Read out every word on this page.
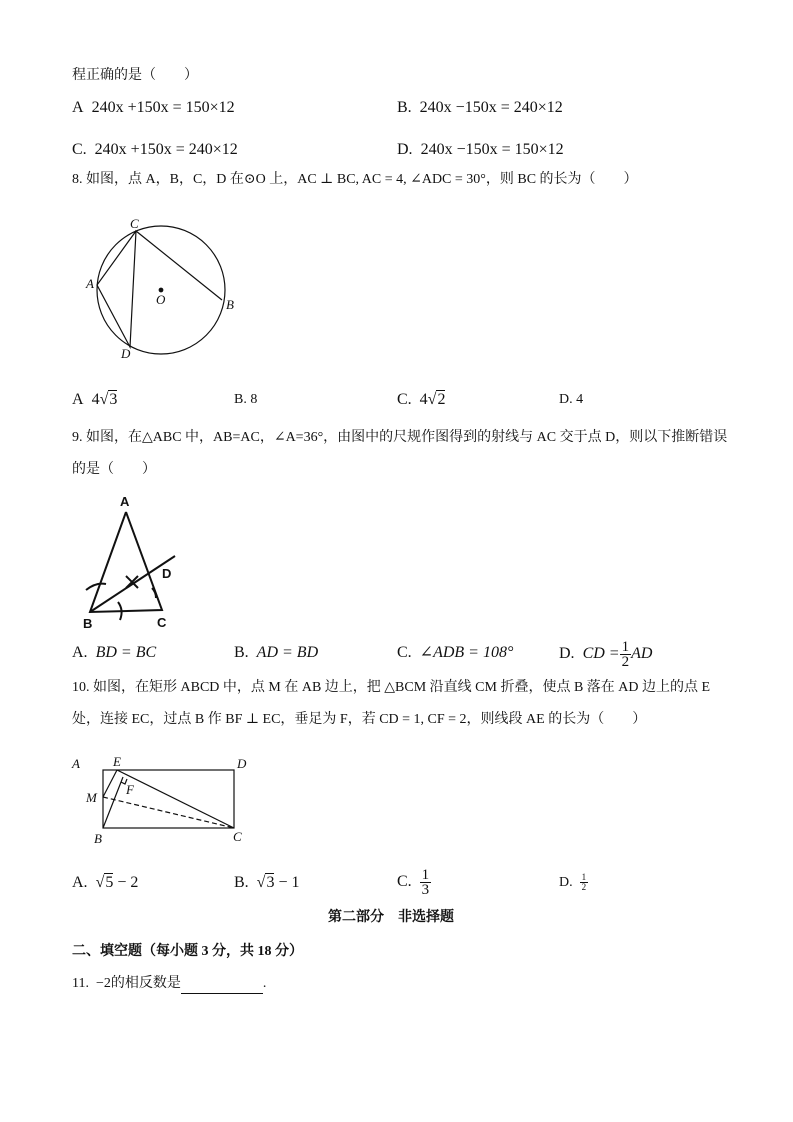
程正确的是（　　）
A 240x +150x = 150×12	B. 240x −150x = 240×12
C. 240x +150x = 240×12	D. 240x −150x = 150×12
8. 如图，点 A，B，C，D 在⊙O 上，AC ⊥ BC, AC = 4, ∠ADC = 30°，则 BC 的长为（　　）
C
A
B
D
O
A	E	D
M
F
B	C
A
D
B	C
A 4√3	B. 8	C. 4√2	D. 4
9. 如图，在△ABC 中，AB=AC，∠A=36°，由图中的尺规作图得到的射线与 AC 交于点 D，则以下推断错误
的是（　　）
A. BD = BC	B. AD = BD	C. ∠ADB = 108°	D. CD = $\frac{1}{2}$ AD
10. 如图，在矩形 ABCD 中，点 M 在 AB 边上，把 △BCM 沿直线 CM 折叠，使点 B 落在 AD 边上的点 E
处，连接 EC，过点 B 作 BF ⊥ EC，垂足为 F，若 CD = 1, CF = 2，则线段 AE 的长为（　　）
A.  √5 − 2	B.  √3 − 1	C. $\frac{1}{3}$	D. $\frac{1}{2}$
第二部分　非选择题
二、填空题（每小题 3 分，共 18 分）
11. −2的相反数是	.
